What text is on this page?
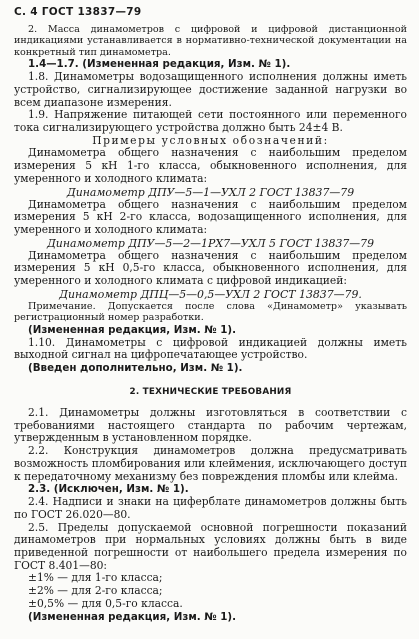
С. 4 ГОСТ 13837—79

2. Масса динамометров с цифровой и цифровой дистанционной индикациями устанавливается в нормативно-технической документации на конкретный тип динамометра.

1.4—1.7. (Измененная редакция, Изм. № 1).

1.8. Динамометры водозащищенного исполнения должны иметь устройство, сигнализирующее достижение заданной нагрузки во всем диапазоне измерения.

1.9. Напряжение питающей сети постоянного или переменного тока сигнализирующего устройства должно быть 24±4 В.

Примеры условных обозначений:

Динамометра общего назначения с наибольшим пределом измерения 5 кН 1-го класса, обыкновенного исполнения, для умеренного и холодного климата:

Динамометр ДПУ—5—1—УХЛ 2 ГОСТ 13837—79

Динамометра общего назначения с наибольшим пределом измерения 5 кН 2-го класса, водозащищенного исполнения, для умеренного и холодного климата:

Динамометр ДПУ—5—2—1РХ7—УХЛ 5 ГОСТ 13837—79

Динамометра общего назначения с наибольшим пределом измерения 5 кН 0,5-го класса, обыкновенного исполнения, для умеренного и холодного климата с цифровой индикацией:

Динамометр ДПЦ—5—0,5—УХЛ 2 ГОСТ 13837—79.

Примечание. Допускается после слова «Динамометр» указывать регистрационный номер разработки.

(Измененная редакция, Изм. № 1).

1.10. Динамометры с цифровой индикацией должны иметь выходной сигнал на цифропечатающее устройство.

(Введен дополнительно, Изм. № 1).

2. ТЕХНИЧЕСКИЕ ТРЕБОВАНИЯ

2.1. Динамометры должны изготовляться в соответствии с требованиями настоящего стандарта по рабочим чертежам, утвержденным в установленном порядке.

2.2. Конструкция динамометров должна предусматривать возможность пломбирования или клеймения, исключающего доступ к передаточному механизму без повреждения пломбы или клейма.

2.3. (Исключен, Изм. № 1).

2.4. Надписи и знаки на циферблате динамометров должны быть по ГОСТ 26.020—80.

2.5. Пределы допускаемой основной погрешности показаний динамометров при нормальных условиях должны быть в виде приведенной погрешности от наибольшего предела измерения по ГОСТ 8.401—80:

±1% — для 1-го класса;

±2% — для 2-го класса;

±0,5% — для 0,5-го класса.

(Измененная редакция, Изм. № 1).
